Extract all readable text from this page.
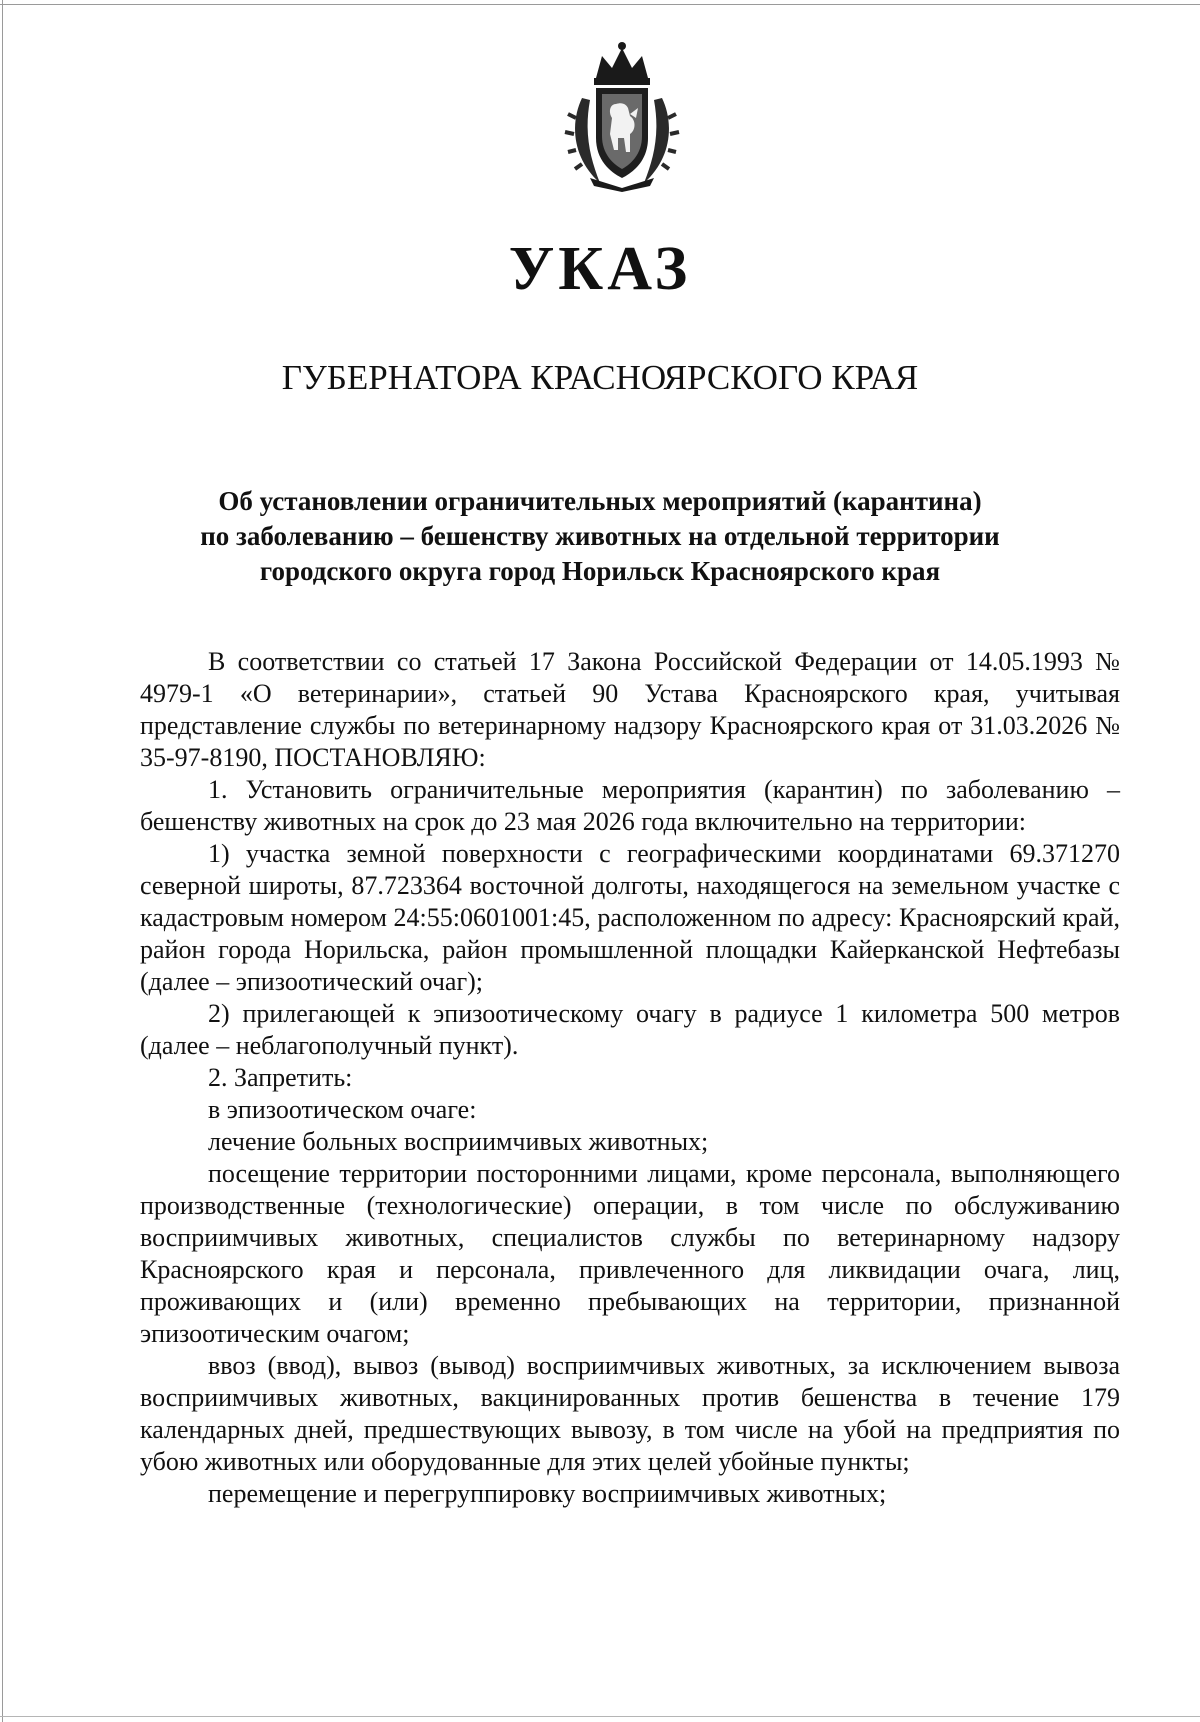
УКАЗ
ГУБЕРНАТОРА КРАСНОЯРСКОГО КРАЯ
Об установлении ограничительных мероприятий (карантина)
по заболеванию – бешенству животных на отдельной территории
городского округа город Норильск Красноярского края

В соответствии со статьей 17 Закона Российской Федерации от 14.05.1993 № 4979-1 «О ветеринарии», статьей 90 Устава Красноярского края, учитывая представление службы по ветеринарному надзору Красноярского края от 31.03.2026 № 35-97-8190, ПОСТАНОВЛЯЮ:

1. Установить ограничительные мероприятия (карантин) по заболеванию – бешенству животных на срок до 23 мая 2026 года включительно на территории:

1) участка земной поверхности с географическими координатами 69.371270 северной широты, 87.723364 восточной долготы, находящегося на земельном участке с кадастровым номером 24:55:0601001:45, расположенном по адресу: Красноярский край, район города Норильска, район промышленной площадки Кайерканской Нефтебазы (далее – эпизоотический очаг);

2) прилегающей к эпизоотическому очагу в радиусе 1 километра 500 метров (далее – неблагополучный пункт).

2. Запретить:

в эпизоотическом очаге:

лечение больных восприимчивых животных;

посещение территории посторонними лицами, кроме персонала, выполняющего производственные (технологические) операции, в том числе по обслуживанию восприимчивых животных, специалистов службы по ветеринарному надзору Красноярского края и персонала, привлеченного для ликвидации очага, лиц, проживающих и (или) временно пребывающих на территории, признанной эпизоотическим очагом;

ввоз (ввод), вывоз (вывод) восприимчивых животных, за исключением вывоза восприимчивых животных, вакцинированных против бешенства в течение 179 календарных дней, предшествующих вывозу, в том числе на убой на предприятия по убою животных или оборудованные для этих целей убойные пункты;

перемещение и перегруппировку восприимчивых животных;
